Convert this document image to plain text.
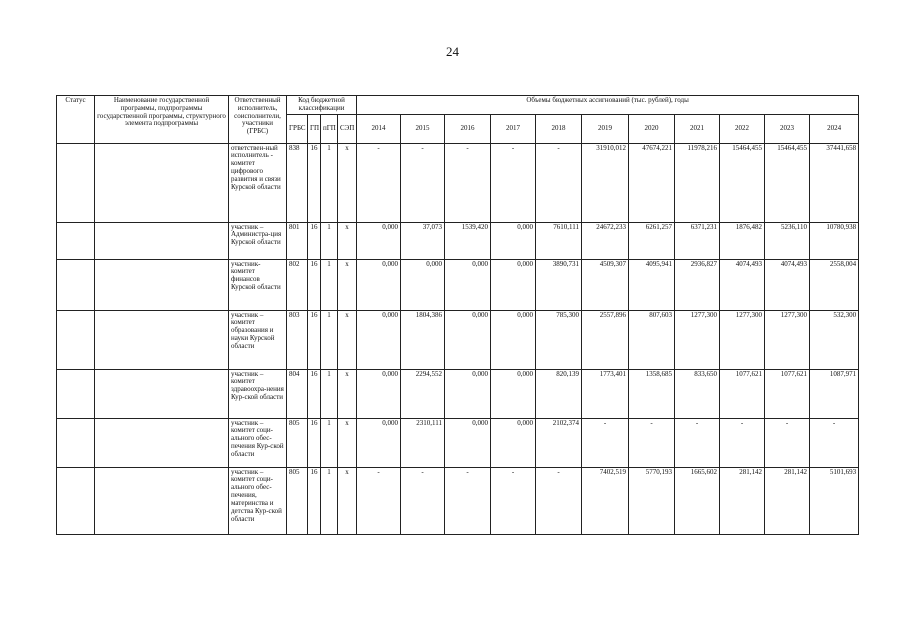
24
Статус	Наименование государственной программы, подпрограммы государственной программы, структурного элемента подпрограммы	Ответственный исполнитель, соисполнители, участники (ГРБС)	Код бюджетной классификации				Объемы бюджетных ассигнований (тыс. рублей), годы										
			ГРБС	ГП	пГП	СЭП	2014	2015	2016	2017	2018	2019	2020	2021	2022	2023	2024
		ответствен-ный исполнитель - комитет цифрового развития и связи Курской области	838	16	1	х	-	-	-	-	-	31910,012	47674,221	11978,216	15464,455	15464,455	37441,658
		участник – Администра-ция Курской области	801	16	1	х	0,000	37,073	1539,420	0,000	7610,111	24672,233	6261,257	6371,231	1876,482	5236,110	10780,938
		участник-комитет финансов Курской области	802	16	1	х	0,000	0,000	0,000	0,000	3890,731	4509,307	4095,941	2936,827	4074,493	4074,493	2558,004
		участник – комитет образования и науки Курской области	803	16	1	х	0,000	1804,386	0,000	0,000	785,300	2557,896	807,603	1277,300	1277,300	1277,300	532,300
		участник – комитет здравоохра-нения Кур-ской области	804	16	1	х	0,000	2294,552	0,000	0,000	820,139	1773,401	1358,685	833,650	1077,621	1077,621	1087,971
		участник – комитет соци-ального обес-печения Кур-ской области	805	16	1	х	0,000	2310,111	0,000	0,000	2102,374	-	-	-	-	-	-
		участник – комитет соци-ального обес-печения, материнства и детства Кур-ской области	805	16	1	х	-	-	-	-	-	7402,519	5770,193	1665,602	281,142	281,142	5101,693
